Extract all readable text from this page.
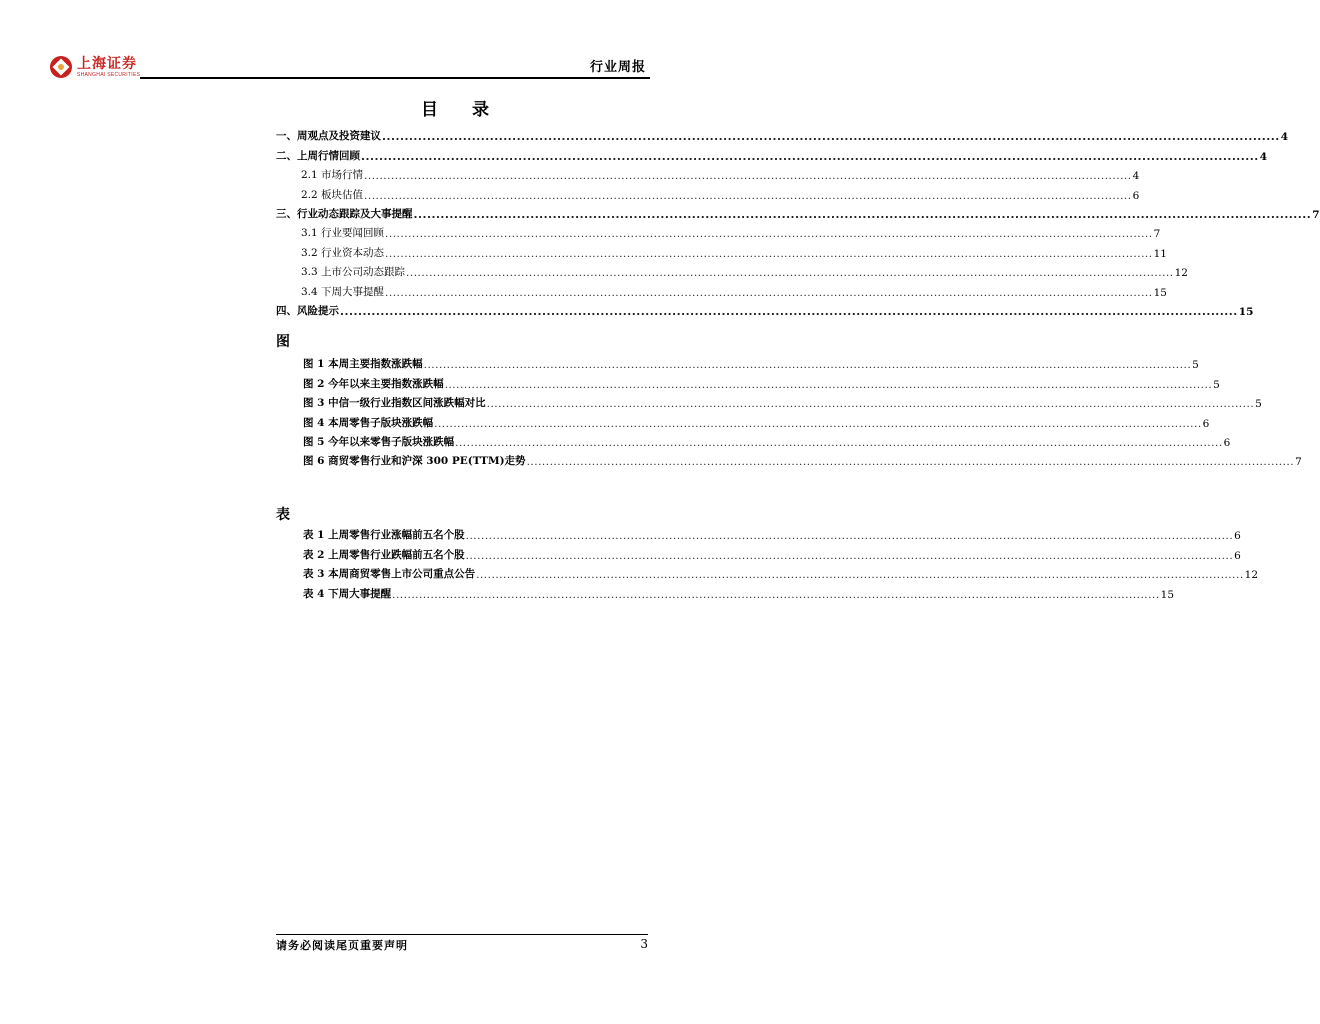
上海证券
SHANGHAI SECURITIES	行业周报
目 录
一、周观点及投资建议 ........................................................................................................................................................................................................ 4
二、上周行情回顾 ........................................................................................................................................................................................................ 4
2.1 市场行情 ........................................................................................................................................................................................................ 4
2.2 板块估值 ........................................................................................................................................................................................................ 6
三、行业动态跟踪及大事提醒 ........................................................................................................................................................................................................ 7
3.1 行业要闻回顾 ........................................................................................................................................................................................................ 7
3.2 行业资本动态 ........................................................................................................................................................................................................ 11
3.3 上市公司动态跟踪 ........................................................................................................................................................................................................ 12
3.4 下周大事提醒 ........................................................................................................................................................................................................ 15
四、风险提示 ........................................................................................................................................................................................................ 15
图
图 1 本周主要指数涨跌幅 ........................................................................................................................................................................................................ 5
图 2 今年以来主要指数涨跌幅 ........................................................................................................................................................................................................ 5
图 3 中信一级行业指数区间涨跌幅对比 ........................................................................................................................................................................................................ 5
图 4 本周零售子版块涨跌幅 ........................................................................................................................................................................................................ 6
图 5 今年以来零售子版块涨跌幅 ........................................................................................................................................................................................................ 6
图 6 商贸零售行业和沪深 300 PE(TTM)走势 ........................................................................................................................................................................................................ 7
表
表 1 上周零售行业涨幅前五名个股 ........................................................................................................................................................................................................ 6
表 2 上周零售行业跌幅前五名个股 ........................................................................................................................................................................................................ 6
表 3 本周商贸零售上市公司重点公告 ........................................................................................................................................................................................................ 12
表 4 下周大事提醒 ........................................................................................................................................................................................................ 15
请务必阅读尾页重要声明	3
